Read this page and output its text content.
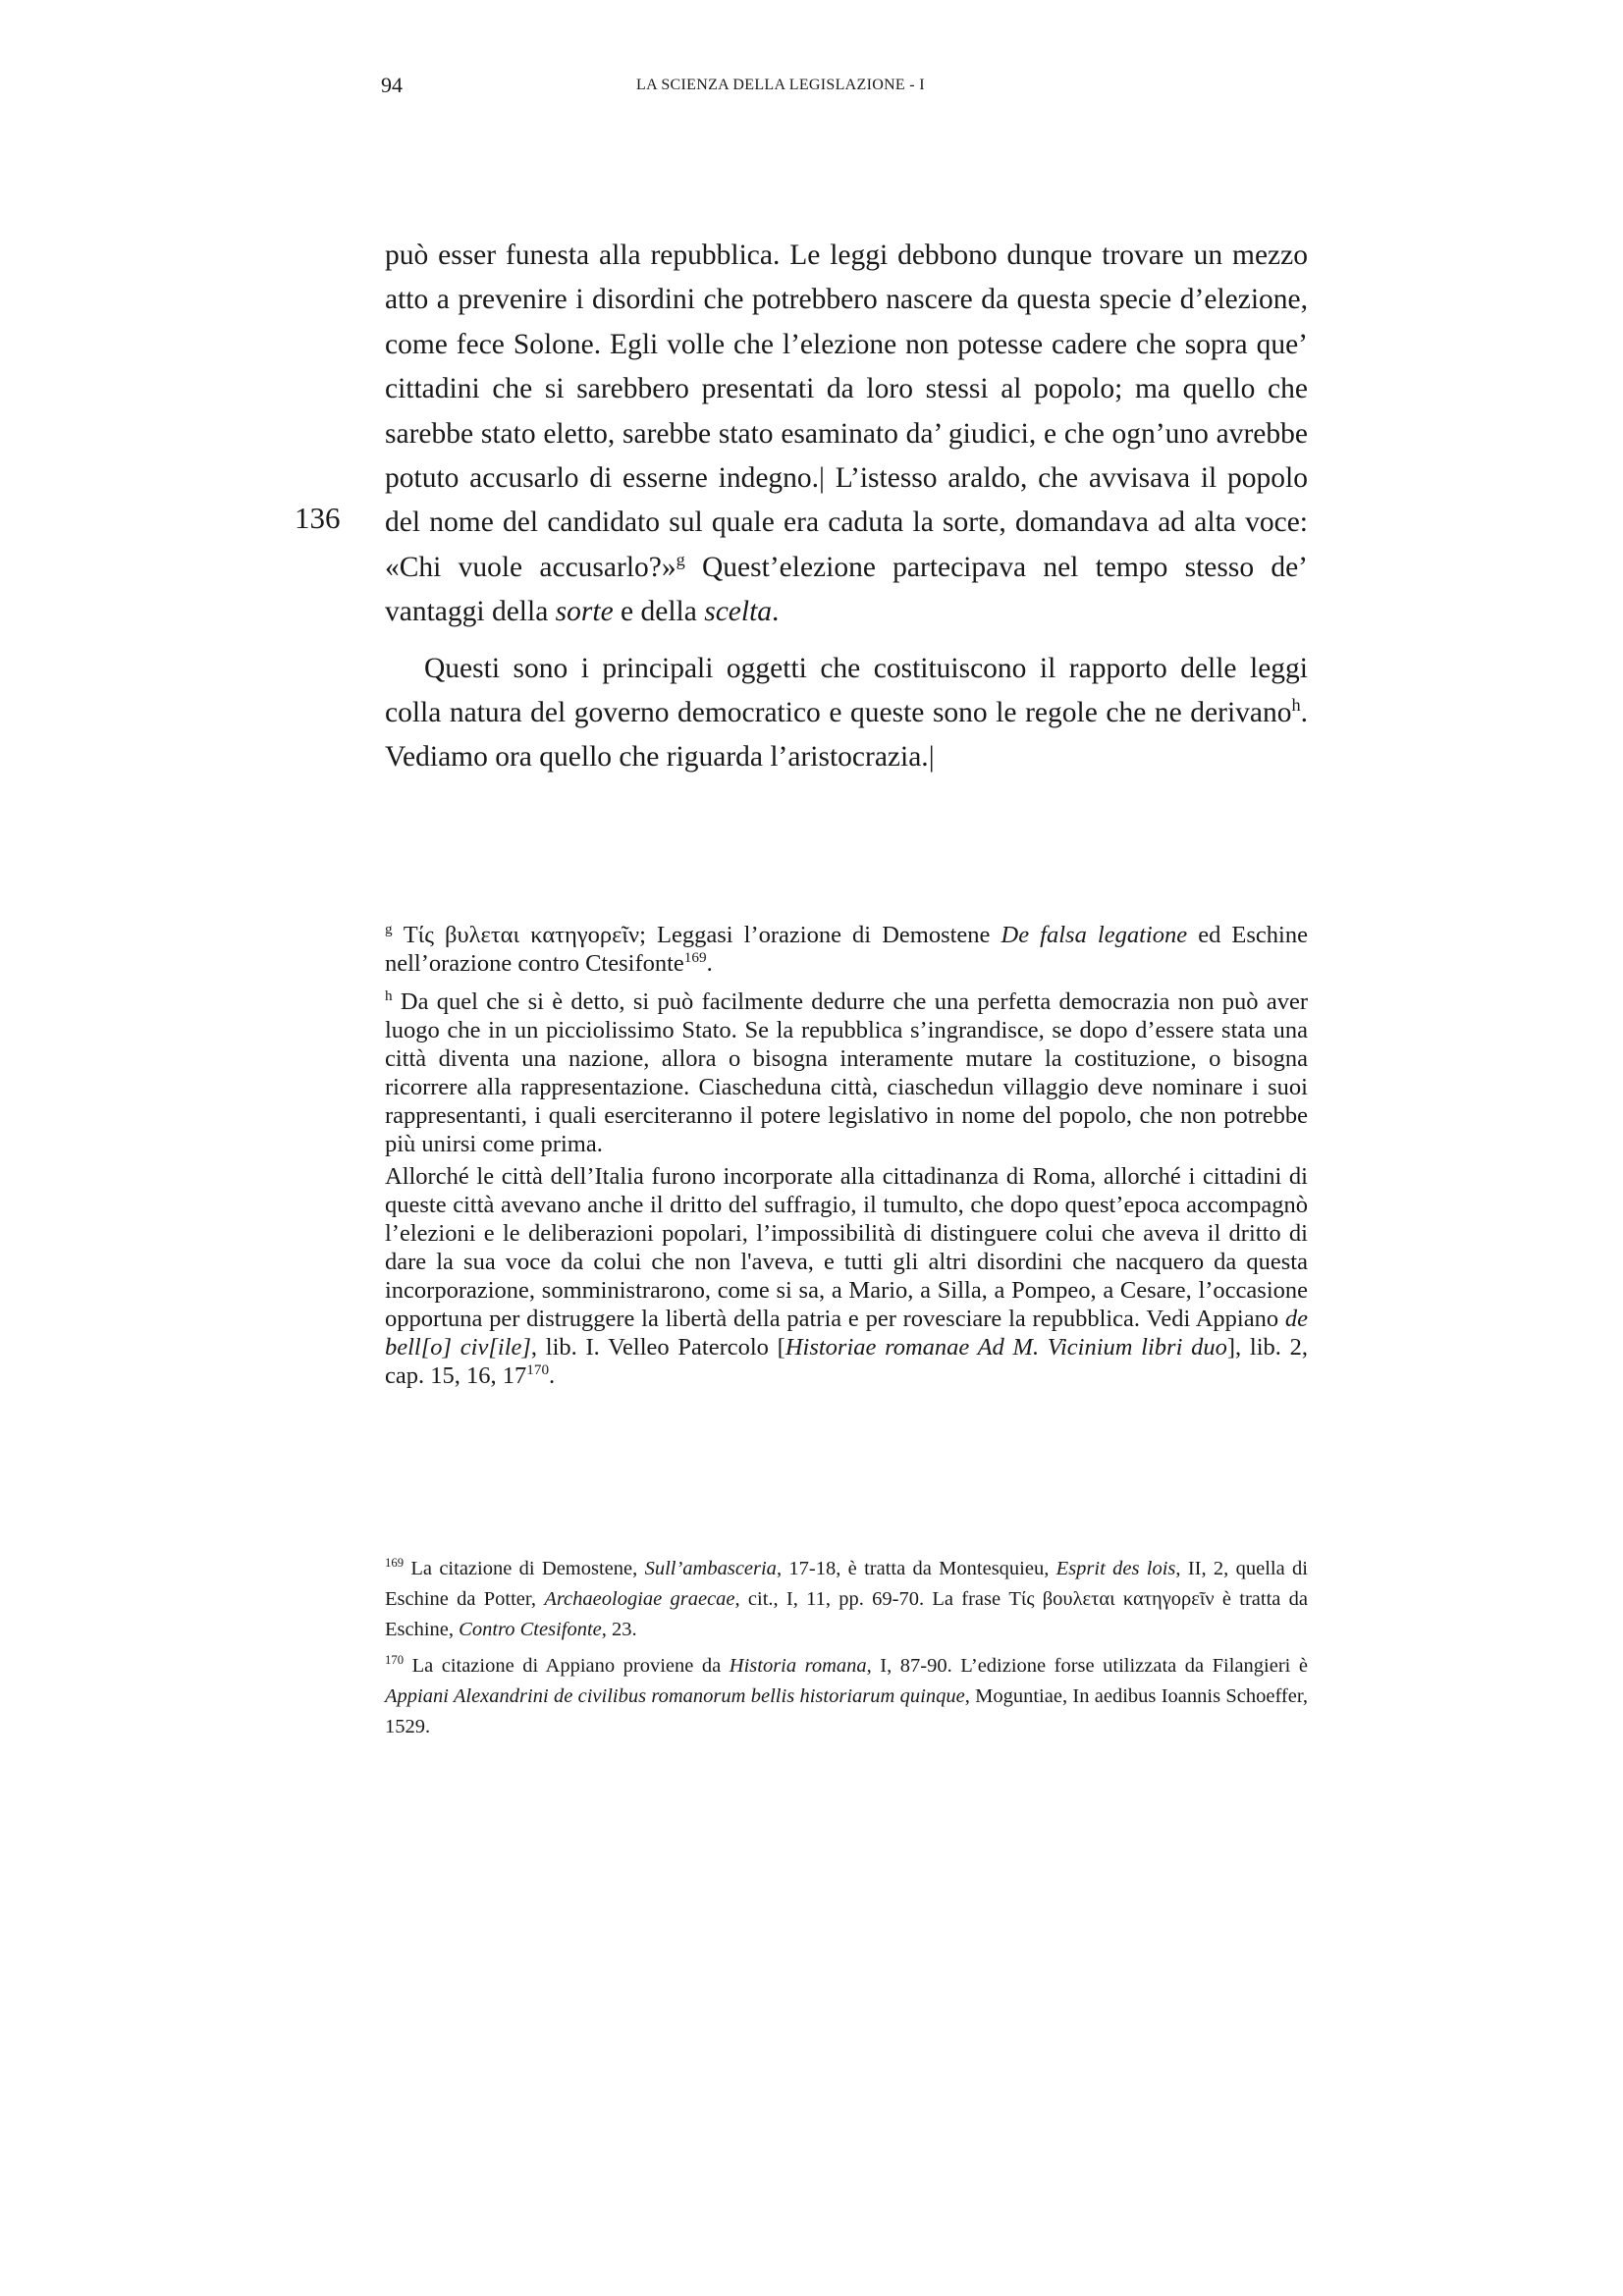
94	LA SCIENZA DELLA LEGISLAZIONE - I
136

può esser funesta alla repubblica. Le leggi debbono dunque trovare un mezzo atto a prevenire i disordini che potrebbero nascere da questa specie d’elezione, come fece Solone. Egli volle che l’elezione non potesse cadere che sopra que’ cittadini che si sarebbero presentati da loro stessi al popolo; ma quello che sarebbe stato eletto, sarebbe stato esaminato da’ giudici, e che ogn’uno avrebbe potuto accusarlo di esserne indegno.| L’istesso araldo, che avvisava il popolo del nome del candidato sul quale era caduta la sorte, domandava ad alta voce: «Chi vuole accusarlo?»$^g$ Quest’elezione partecipava nel tempo stesso de’ vantaggi della sorte e della scelta.

Questi sono i principali oggetti che costituiscono il rapporto delle leggi colla natura del governo democratico e queste sono le regole che ne derivano$^h$. Vediamo ora quello che riguarda l’aristocrazia.|

$^g$ Τίς βυλεται κατηγορεῖν; Leggasi l’orazione di Demostene De falsa legatione ed Eschine nell’orazione contro Ctesifonte$^{169}$.

$^h$ Da quel che si è detto, si può facilmente dedurre che una perfetta democrazia non può aver luogo che in un picciolissimo Stato. Se la repubblica s’ingrandisce, se dopo d’essere stata una città diventa una nazione, allora o bisogna interamente mutare la costituzione, o bisogna ricorrere alla rappresentazione. Ciascheduna città, ciaschedun villaggio deve nominare i suoi rappresentanti, i quali eserciteranno il potere legislativo in nome del popolo, che non potrebbe più unirsi come prima.

Allorché le città dell’Italia furono incorporate alla cittadinanza di Roma, allorché i cittadini di queste città avevano anche il dritto del suffragio, il tumulto, che dopo quest’epoca accompagnò l’elezioni e le deliberazioni popolari, l’impossibilità di distinguere colui che aveva il dritto di dare la sua voce da colui che non l'aveva, e tutti gli altri disordini che nacquero da questa incorporazione, somministrarono, come si sa, a Mario, a Silla, a Pompeo, a Cesare, l’occasione opportuna per distruggere la libertà della patria e per rovesciare la repubblica. Vedi Appiano de bell[o] civ[ile], lib. I. Velleo Patercolo [Historiae romanae Ad M. Vicinium libri duo], lib. 2, cap. 15, 16, $17^{170}$.

$^{169}$ La citazione di Demostene, Sull’ambasceria, 17-18, è tratta da Montesquieu, Esprit des lois, II, 2, quella di Eschine da Potter, Archaeologiae graecae, cit., I, 11, pp. 69-70. La frase Τίς βουλεται κατηγορεῖν è tratta da Eschine, Contro Ctesifonte, 23.

$^{170}$ La citazione di Appiano proviene da Historia romana, I, 87-90. L’edizione forse utilizzata da Filangieri è Appiani Alexandrini de civilibus romanorum bellis historiarum quinque, Moguntiae, In aedibus Ioannis Schoeffer, 1529.
